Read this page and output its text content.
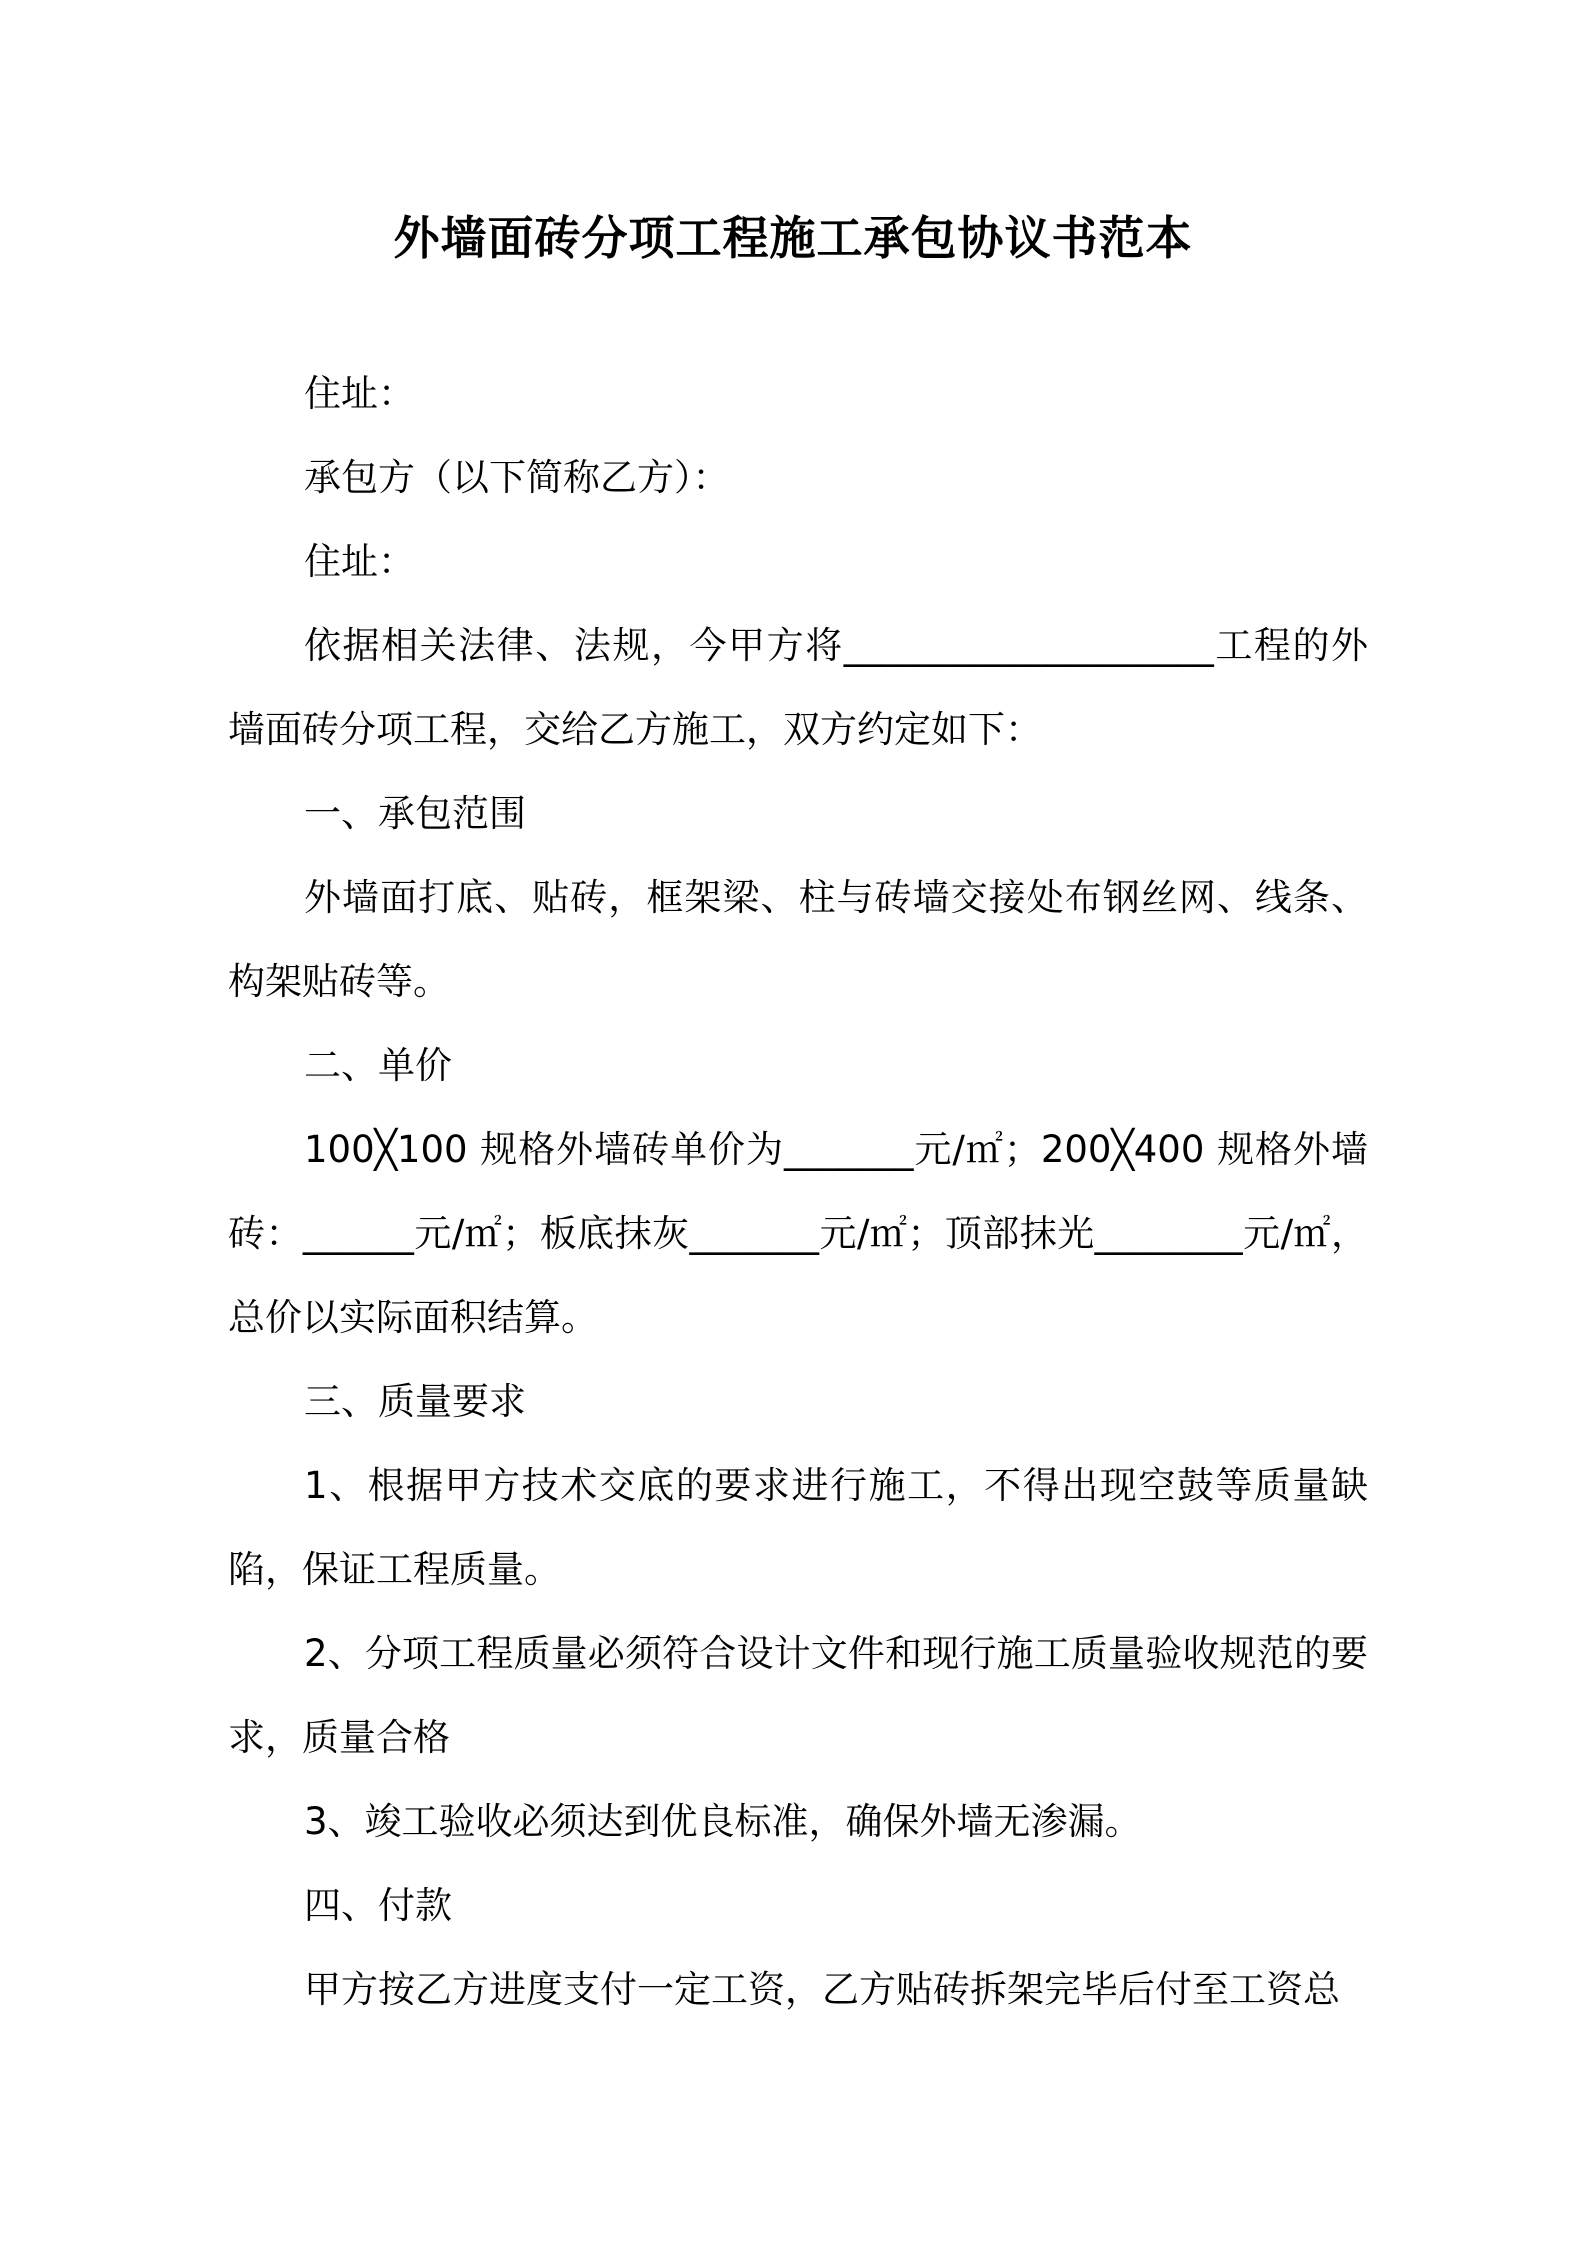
外墙面砖分项工程施工承包协议书范本

住址：

承包方（以下简称乙方）：

住址：

依据相关法律、法规，今甲方将____________________工程的外墙面砖分项工程，交给乙方施工，双方约定如下：

一、承包范围

外墙面打底、贴砖，框架梁、柱与砖墙交接处布钢丝网、线条、构架贴砖等。

二、单价

100╳100 规格外墙砖单价为_______元/㎡；200╳400 规格外墙砖：______元/㎡；板底抹灰_______元/㎡；顶部抹光________元/㎡，总价以实际面积结算。

三、质量要求

1、根据甲方技术交底的要求进行施工，不得出现空鼓等质量缺陷，保证工程质量。

2、分项工程质量必须符合设计文件和现行施工质量验收规范的要求，质量合格

3、竣工验收必须达到优良标准，确保外墙无渗漏。

四、付款

甲方按乙方进度支付一定工资，乙方贴砖拆架完毕后付至工资总
